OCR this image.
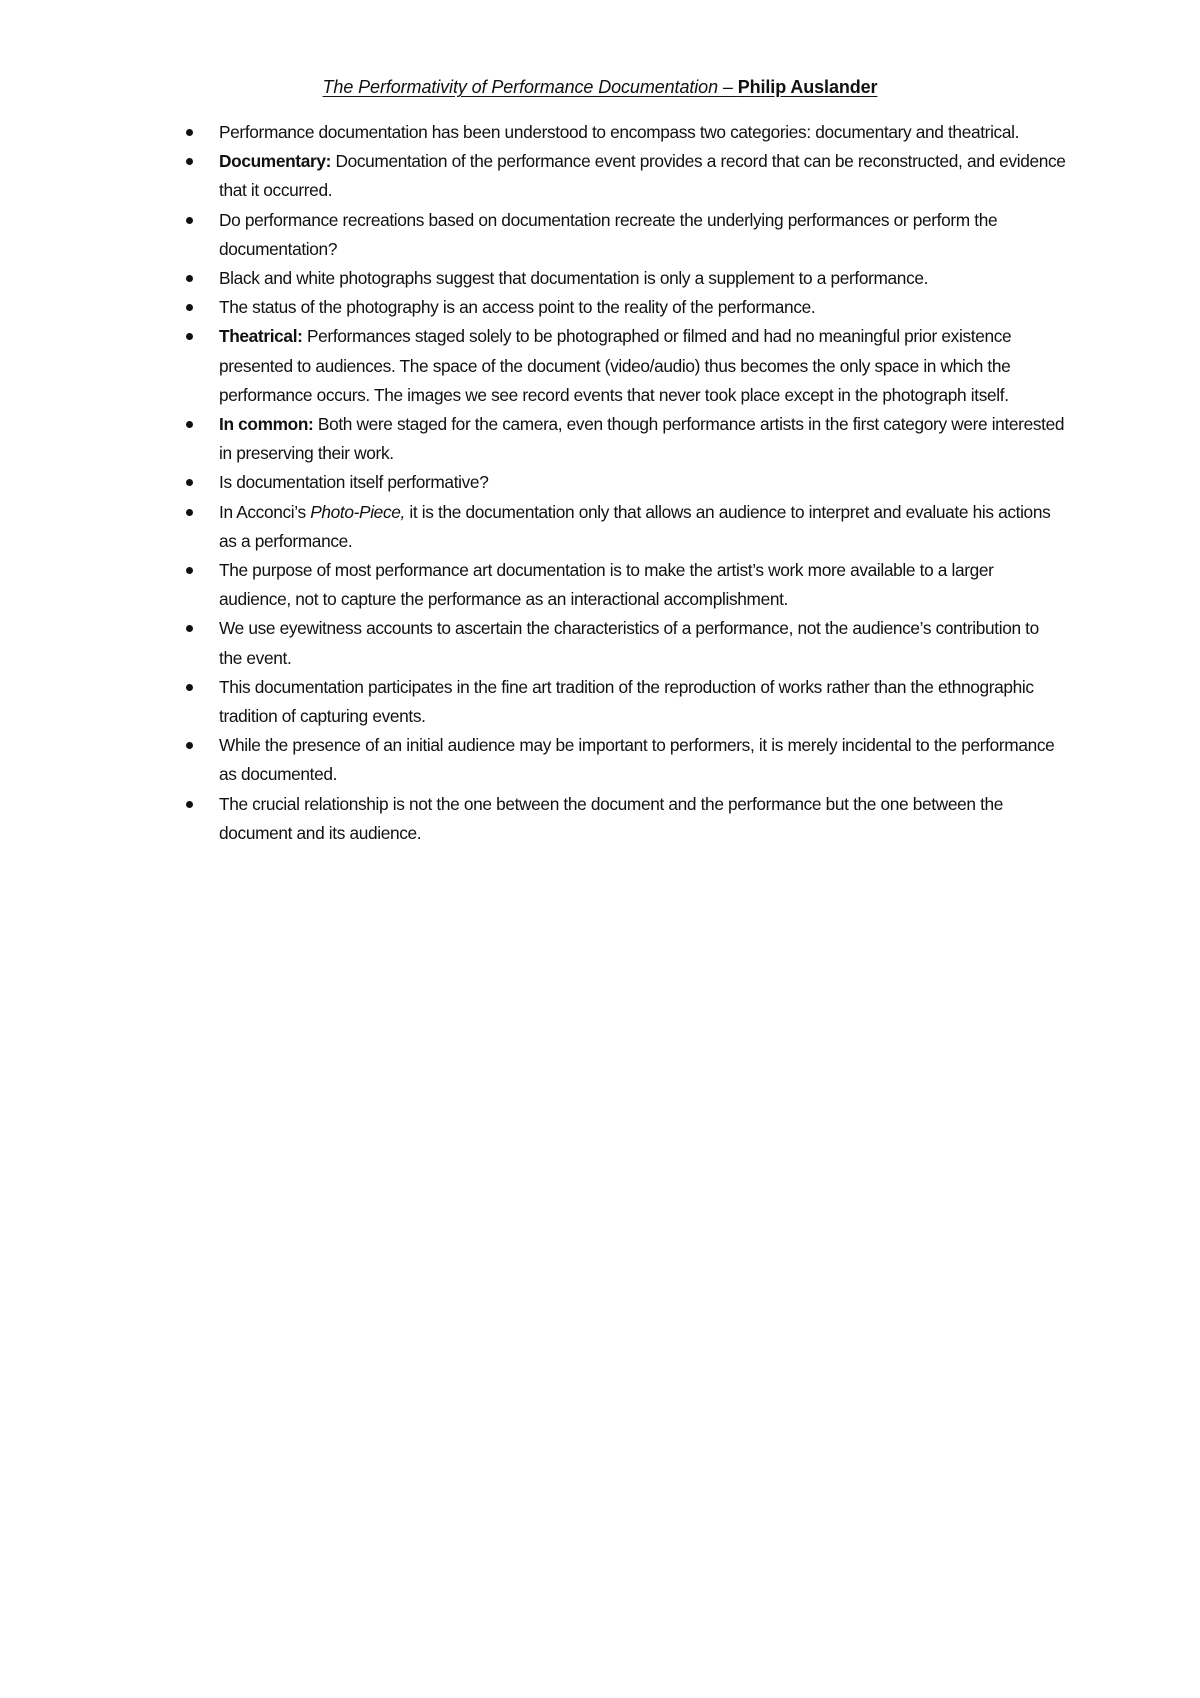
The Performativity of Performance Documentation – Philip Auslander
Performance documentation has been understood to encompass two categories: documentary and theatrical.
Documentary: Documentation of the performance event provides a record that can be reconstructed, and evidence that it occurred.
Do performance recreations based on documentation recreate the underlying performances or perform the documentation?
Black and white photographs suggest that documentation is only a supplement to a performance.
The status of the photography is an access point to the reality of the performance.
Theatrical: Performances staged solely to be photographed or filmed and had no meaningful prior existence presented to audiences. The space of the document (video/audio) thus becomes the only space in which the performance occurs. The images we see record events that never took place except in the photograph itself.
In common: Both were staged for the camera, even though performance artists in the first category were interested in preserving their work.
Is documentation itself performative?
In Acconci’s Photo-Piece, it is the documentation only that allows an audience to interpret and evaluate his actions as a performance.
The purpose of most performance art documentation is to make the artist’s work more available to a larger audience, not to capture the performance as an interactional accomplishment.
We use eyewitness accounts to ascertain the characteristics of a performance, not the audience’s contribution to the event.
This documentation participates in the fine art tradition of the reproduction of works rather than the ethnographic tradition of capturing events.
While the presence of an initial audience may be important to performers, it is merely incidental to the performance as documented.
The crucial relationship is not the one between the document and the performance but the one between the document and its audience.
